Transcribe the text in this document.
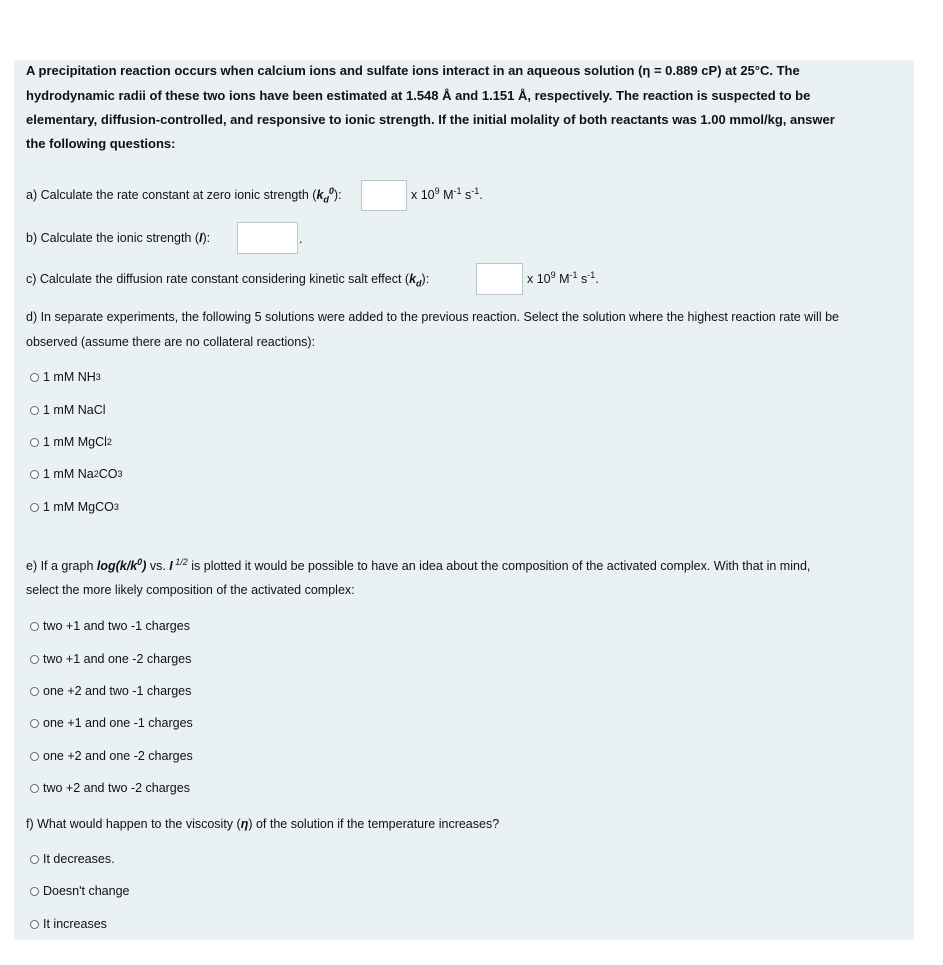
A precipitation reaction occurs when calcium ions and sulfate ions interact in an aqueous solution (η = 0.889 cP) at 25°C. The
hydrodynamic radii of these two ions have been estimated at 1.548 Å and 1.151 Å, respectively. The reaction is suspected to be
elementary, diffusion-controlled, and responsive to ionic strength. If the initial molality of both reactants was 1.00 mmol/kg, answer
the following questions:
a) Calculate the rate constant at zero ionic strength $(k_d^0)$:	x $10^9$ $M^{-1}$ $s^{-1}$.
b) Calculate the ionic strength (I):	.
c) Calculate the diffusion rate constant considering kinetic salt effect $(k_d)$:	x $10^9$ $M^{-1}$ $s^{-1}$.
d) In separate experiments, the following 5 solutions were added to the previous reaction. Select the solution where the highest reaction rate will be
observed (assume there are no collateral reactions):
1 mM NH 3
1 mM NaCl
1 mM MgCl 2
1 mM Na 2 CO 3
1 mM MgCO 3
e) If a graph $\log(k/k^0)$ vs. I $^{1/2}$ is plotted it would be possible to have an idea about the composition of the activated complex. With that in mind,
select the more likely composition of the activated complex:
two +1 and two -1 charges
two +1 and one -2 charges
one +2 and two -1 charges
one +1 and one -1 charges
one +2 and one -2 charges
two +2 and two -2 charges
f) What would happen to the viscosity (η) of the solution if the temperature increases?
It decreases.
Doesn't change
It increases
